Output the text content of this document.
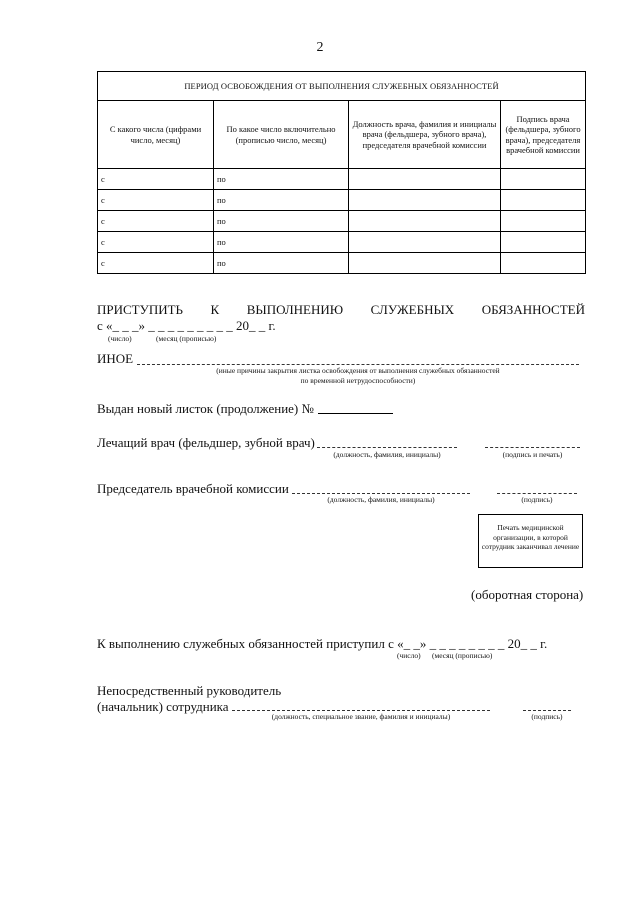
2
ПЕРИОД ОСВОБОЖДЕНИЯ ОТ ВЫПОЛНЕНИЯ СЛУЖЕБНЫХ ОБЯЗАННОСТЕЙ			
С какого числа (цифрами число, месяц)	По какое число включительно (прописью число, месяц)	Должность врача, фамилия и инициалы врача (фельдшера, зубного врача), председателя врачебной комиссии	Подпись врача (фельдшера, зубного врача), председателя врачебной комиссии
с	по		
с	по		
с	по		
с	по		
с	по		
ПРИСТУПИТЬ К ВЫПОЛНЕНИЮ СЛУЖЕБНЫХ ОБЯЗАННОСТЕЙ
с «_ _ _» _ _ _ _ _ _ _ _ _ 20_ _ г.
(число)	(месяц (прописью)
ИНОЕ
(иные причины закрытия листка освобождения от выполнения служебных обязанностей
по временной нетрудоспособности)
Выдан новый листок (продолжение) №
Лечащий врач (фельдшер, зубной врач)
(должность, фамилия, инициалы)	(подпись и печать)
Председатель врачебной комиссии
(должность, фамилия, инициалы)	(подпись)
Печать медицинской организации, в которой сотрудник заканчивал лечение
(оборотная сторона)
К выполнению служебных обязанностей приступил с «_ _» _ _ _ _ _ _ _ _ 20_ _ г.
(число) (месяц (прописью)
Непосредственный руководитель
(начальник) сотрудника
(должность, специальное звание, фамилия и инициалы)	(подпись)
